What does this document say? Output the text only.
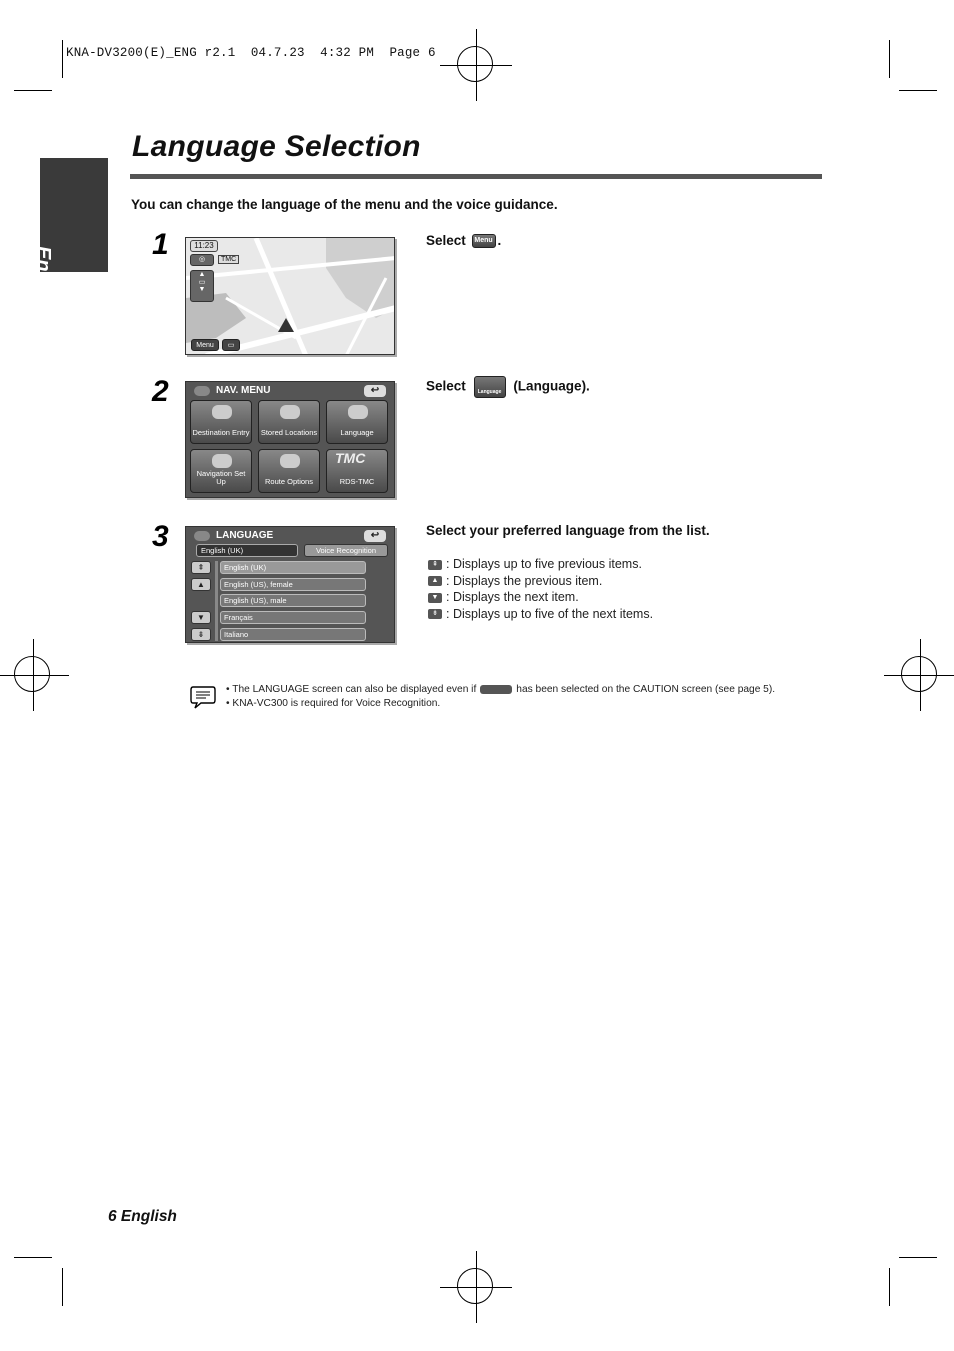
KNA-DV3200(E)_ENG r2.1  04.7.23  4:32 PM  Page 6
English
Language Selection

You can change the language of the menu and the voice guidance.

1	11:23
TMC
◎
▲
▭
▼
Menu	▭
Select Menu .
2	NAV. MENU	↩
Destination Entry Stored Locations	Language
Navigation Set Up	Route Options
TMC
RDS-TMC
Select Language (Language).
3	LANGUAGE	↩
English (UK)	Voice Recognition
⇞
▲
▼
⇟
English (UK)
English (US), female
English (US), male
Français
Italiano
Select your preferred language from the list.
⇞ : Displays up to five previous items.
▲ : Displays the previous item.
▼ : Displays the next item.
⇟ : Displays up to five of the next items.
• The LANGUAGE screen can also be displayed even if	has been selected on the CAUTION screen (see page 5).
• KNA-VC300 is required for Voice Recognition.
6 English
